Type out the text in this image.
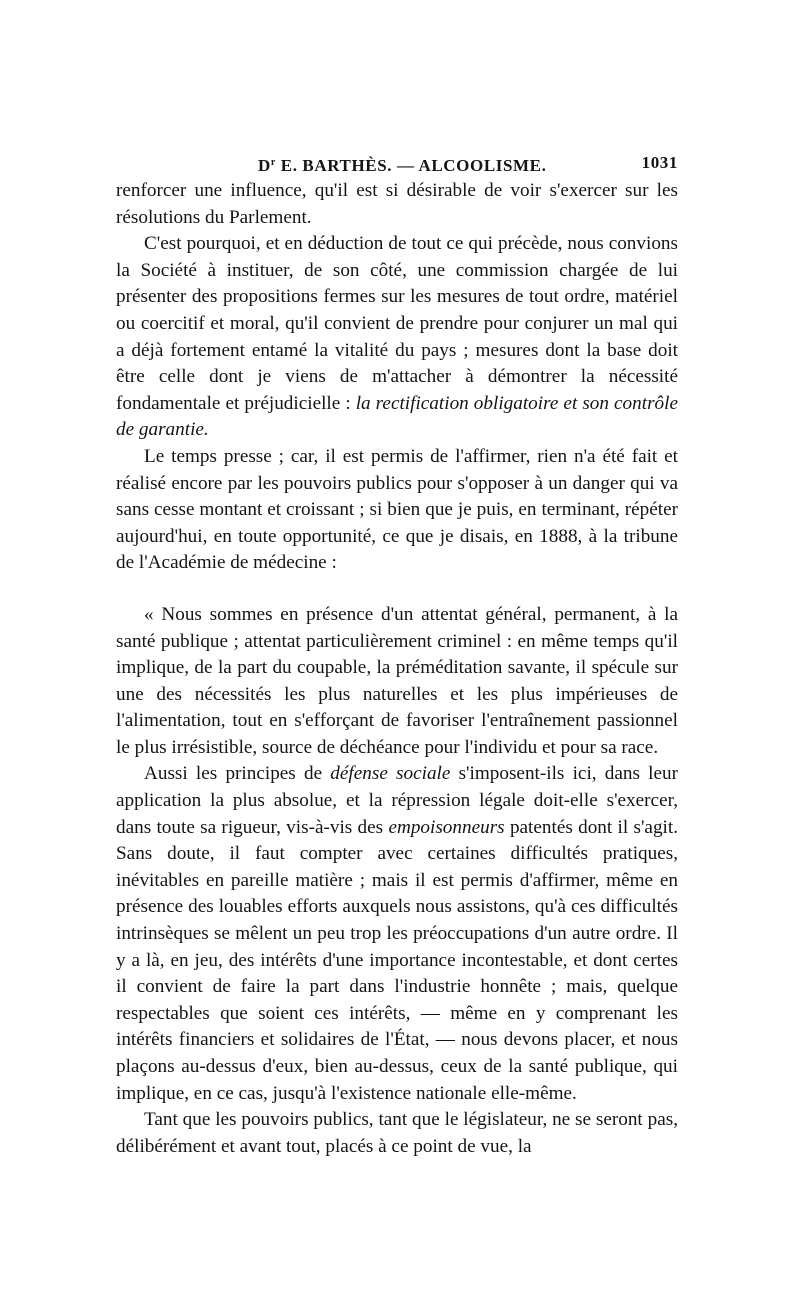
$D^r$ E. BARTHÈS. — ALCOOLISME.	1031

renforcer une influence, qu'il est si désirable de voir s'exercer sur les résolutions du Parlement.

C'est pourquoi, et en déduction de tout ce qui précède, nous convions la Société à instituer, de son côté, une commission chargée de lui présenter des propositions fermes sur les mesures de tout ordre, matériel ou coercitif et moral, qu'il convient de prendre pour conjurer un mal qui a déjà fortement entamé la vitalité du pays ; mesures dont la base doit être celle dont je viens de m'attacher à démontrer la nécessité fondamentale et préjudicielle : la rectification obligatoire et son contrôle de garantie.

Le temps presse ; car, il est permis de l'affirmer, rien n'a été fait et réalisé encore par les pouvoirs publics pour s'opposer à un danger qui va sans cesse montant et croissant ; si bien que je puis, en terminant, répéter aujourd'hui, en toute opportunité, ce que je disais, en 1888, à la tribune de l'Académie de médecine :

« Nous sommes en présence d'un attentat général, permanent, à la santé publique ; attentat particulièrement criminel : en même temps qu'il implique, de la part du coupable, la préméditation savante, il spécule sur une des nécessités les plus naturelles et les plus impérieuses de l'alimentation, tout en s'efforçant de favoriser l'entraînement passionnel le plus irrésistible, source de déchéance pour l'individu et pour sa race.

Aussi les principes de défense sociale s'imposent-ils ici, dans leur application la plus absolue, et la répression légale doit-elle s'exercer, dans toute sa rigueur, vis-à-vis des empoisonneurs patentés dont il s'agit. Sans doute, il faut compter avec certaines difficultés pratiques, inévitables en pareille matière ; mais il est permis d'affirmer, même en présence des louables efforts auxquels nous assistons, qu'à ces difficultés intrinsèques se mêlent un peu trop les préoccupations d'un autre ordre. Il y a là, en jeu, des intérêts d'une importance incontestable, et dont certes il convient de faire la part dans l'industrie honnête ; mais, quelque respectables que soient ces intérêts, — même en y comprenant les intérêts financiers et solidaires de l'État, — nous devons placer, et nous plaçons au-dessus d'eux, bien au-dessus, ceux de la santé publique, qui implique, en ce cas, jusqu'à l'existence nationale elle-même.

Tant que les pouvoirs publics, tant que le législateur, ne se seront pas, délibérément et avant tout, placés à ce point de vue, la
